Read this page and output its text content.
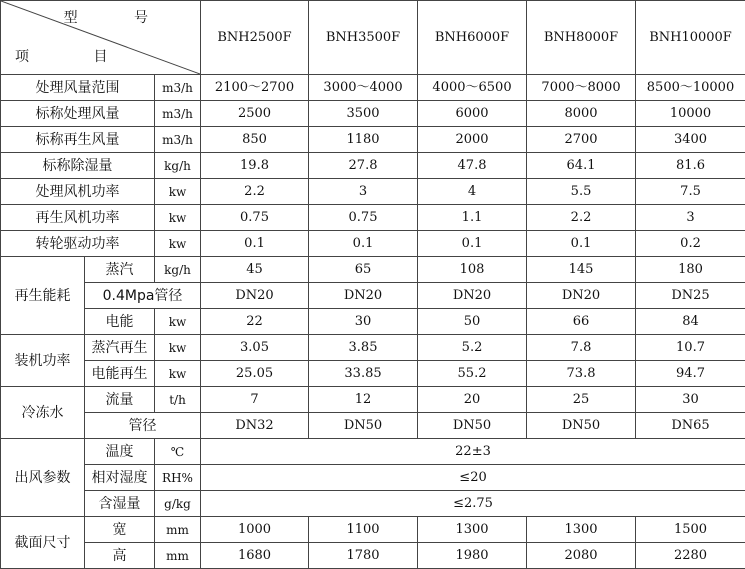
型 号
项 目			BNH2500F	BNH3500F	BNH6000F	BNH8000F	BNH10000F
处理风量范围		m3/h	2100～2700	3000～4000	4000～6500	7000～8000	8500～10000
标称处理风量		m3/h	2500	3500	6000	8000	10000
标称再生风量		m3/h	850	1180	2000	2700	3400
标称除湿量		kg/h	19.8	27.8	47.8	64.1	81.6
处理风机功率		kw	2.2	3	4	5.5	7.5
再生风机功率		kw	0.75	0.75	1.1	2.2	3
转轮驱动功率		kw	0.1	0.1	0.1	0.1	0.2
再生能耗	蒸汽	kg/h	45	65	108	145	180
	0.4Mpa管径		DN20	DN20	DN20	DN20	DN25
	电能	kw	22	30	50	66	84
装机功率	蒸汽再生	kw	3.05	3.85	5.2	7.8	10.7
	电能再生	kw	25.05	33.85	55.2	73.8	94.7
冷冻水	流量	t/h	7	12	20	25	30
	管径		DN32	DN50	DN50	DN50	DN65
出风参数	温度	℃	22±3				
	相对湿度	RH%	≤20				
	含湿量	g/kg	≤2.75				
截面尺寸	宽	mm	1000	1100	1300	1300	1500
	高	mm	1680	1780	1980	2080	2280
